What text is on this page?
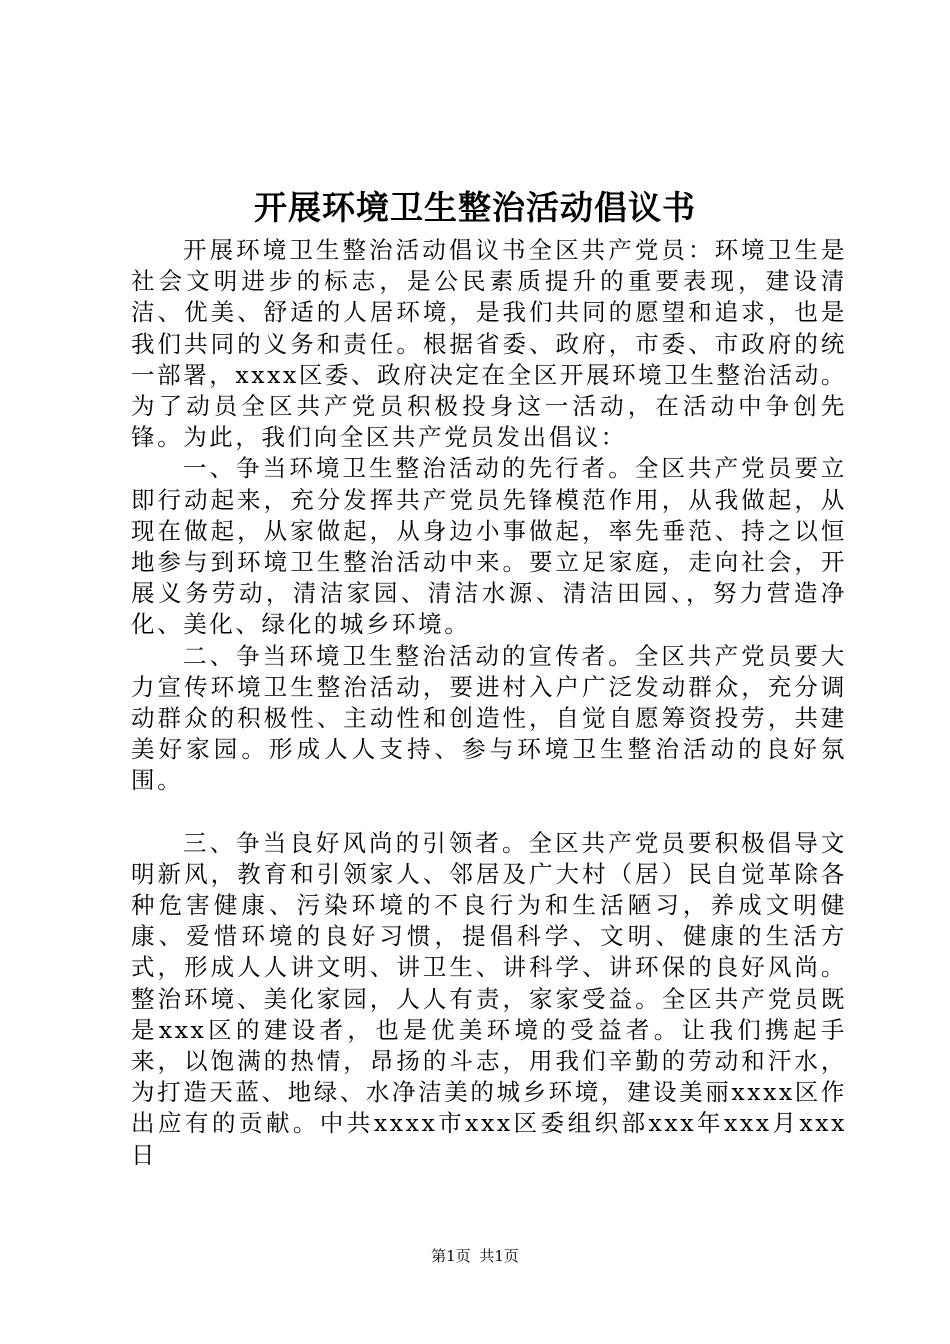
开展环境卫生整治活动倡议书

开展环境卫生整治活动倡议书全区共产党员：环境卫生是社会文明进步的标志，是公民素质提升的重要表现，建设清洁、优美、舒适的人居环境，是我们共同的愿望和追求，也是我们共同的义务和责任。根据省委、政府，市委、市政府的统一部署，xxxx区委、政府决定在全区开展环境卫生整治活动。为了动员全区共产党员积极投身这一活动，在活动中争创先锋。为此，我们向全区共产党员发出倡议：

一、争当环境卫生整治活动的先行者。全区共产党员要立即行动起来，充分发挥共产党员先锋模范作用，从我做起，从现在做起，从家做起，从身边小事做起，率先垂范、持之以恒地参与到环境卫生整治活动中来。要立足家庭，走向社会，开展义务劳动，清洁家园、清洁水源、清洁田园、，努力营造净化、美化、绿化的城乡环境。

二、争当环境卫生整治活动的宣传者。全区共产党员要大力宣传环境卫生整治活动，要进村入户广泛发动群众，充分调动群众的积极性、主动性和创造性，自觉自愿筹资投劳，共建美好家园。形成人人支持、参与环境卫生整治活动的良好氛围。

三、争当良好风尚的引领者。全区共产党员要积极倡导文明新风，教育和引领家人、邻居及广大村（居）民自觉革除各种危害健康、污染环境的不良行为和生活陋习，养成文明健康、爱惜环境的良好习惯，提倡科学、文明、健康的生活方式，形成人人讲文明、讲卫生、讲科学、讲环保的良好风尚。整治环境、美化家园，人人有责，家家受益。全区共产党员既是xxx区的建设者，也是优美环境的受益者。让我们携起手来，以饱满的热情，昂扬的斗志，用我们辛勤的劳动和汗水，为打造天蓝、地绿、水净洁美的城乡环境，建设美丽xxxx区作出应有的贡献。中共xxxx市xxx区委组织部xxx年xxx月xxx日

第1页 共1页
